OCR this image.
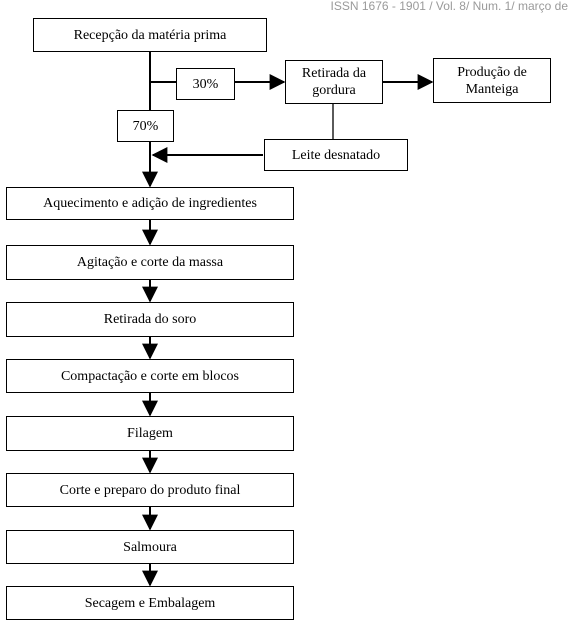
ISSN 1676 - 1901 / Vol. 8/ Num. 1/ março de
Recepção da matéria prima
30%
Retirada da gordura
Produção de Manteiga
70%
Leite desnatado
Aquecimento e adição de ingredientes
Agitação e corte da massa
Retirada do soro
Compactação e corte em blocos
Filagem
Corte e preparo do produto final
Salmoura
Secagem e Embalagem
